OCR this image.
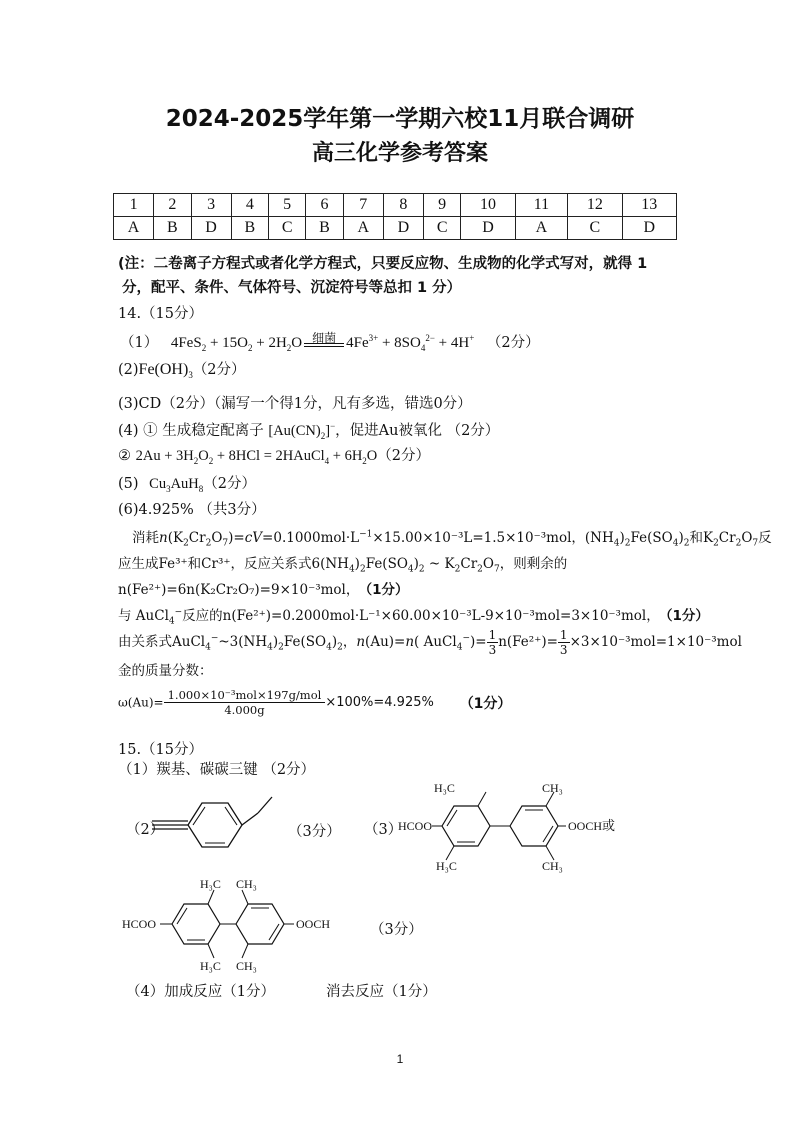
2024-2025学年第一学期六校11月联合调研
高三化学参考答案
1	2	3	4	5	6	7	8	9	10	11	12	13
A	B	D	B	C	B	A	D	C	D	A	C	D
(注：二卷离子方程式或者化学方程式，只要反应物、生成物的化学式写对，就得 1
分，配平、条件、气体符号、沉淀符号等总扣 1 分）
14.（15分）
（1） $4FeS_2 + 15O_2 + 2H_2O$ 细菌 $4Fe^{3+} + 8SO_4^{2-} + 4H^+$ （2分）
$(2)Fe(OH)_3(2$分）
(3)CD（2分）（漏写一个得1分，凡有多选，错选0分）
(4) ① 生成稳定配离子 $[Au(CN)_2]^-$，促进Au被氧化 （2分）
② $2Au + 3H_2O_2 + 8HCl$ = 2HAuCl$_4$ + $6H_2O(2$分）
(5) $Cu_3AuH_8(2$分）
(6)4.925% （共3分）
消耗$n(K_2Cr_2O_7)=cV=0.1000mol\cdot L^{-1}\times 15.00\times 10^{-3}L=1.5\times 10^{-3}mol$，$(NH_4)_2Fe(SO_4)_2$和$K_2Cr_2O_7$反
应生成Fe³⁺和Cr³⁺，反应关系式$6(NH_4)_2Fe(SO_4)_2$ ~ $K_2Cr_2O_7$，则剩余的
n(Fe²⁺)=6n(K₂Cr₂O₇)=9×10⁻³mol， （1分）
与 AuCl$_4$−反应的n(Fe²⁺)=0.2000mol·L⁻¹×60.00×10⁻³L-9×10⁻³mol=3×10⁻³mol， （1分）
由关系式$AuCl_4^-\sim 3(NH_4)_2Fe(SO_4)_2$，n(Au)=n( AuCl$_4$−)= $\frac{1}{3} n(Fe^{2+})= \frac{1}{3} \times 3\times 10^{-3}mol=1\times 10^{-3}mol$
金的质量分数：
$\omega(Au)= \frac{\text{1.000×10⁻³mol×197g/mol}}{4.000g} \times 100\%=4.925\%$ （1分）
15.（15分）
（1）羰基、碳碳三键 （2分）
（2）	（3分） （3）
HCOO
H₃C
H₃C
CH₃
CH₃
OOCH 或
HCOO
H₃C
H₃C
CH₃
CH₃
OOCH	（3分）
（4）加成反应（1分）	消去反应（1分）
1
